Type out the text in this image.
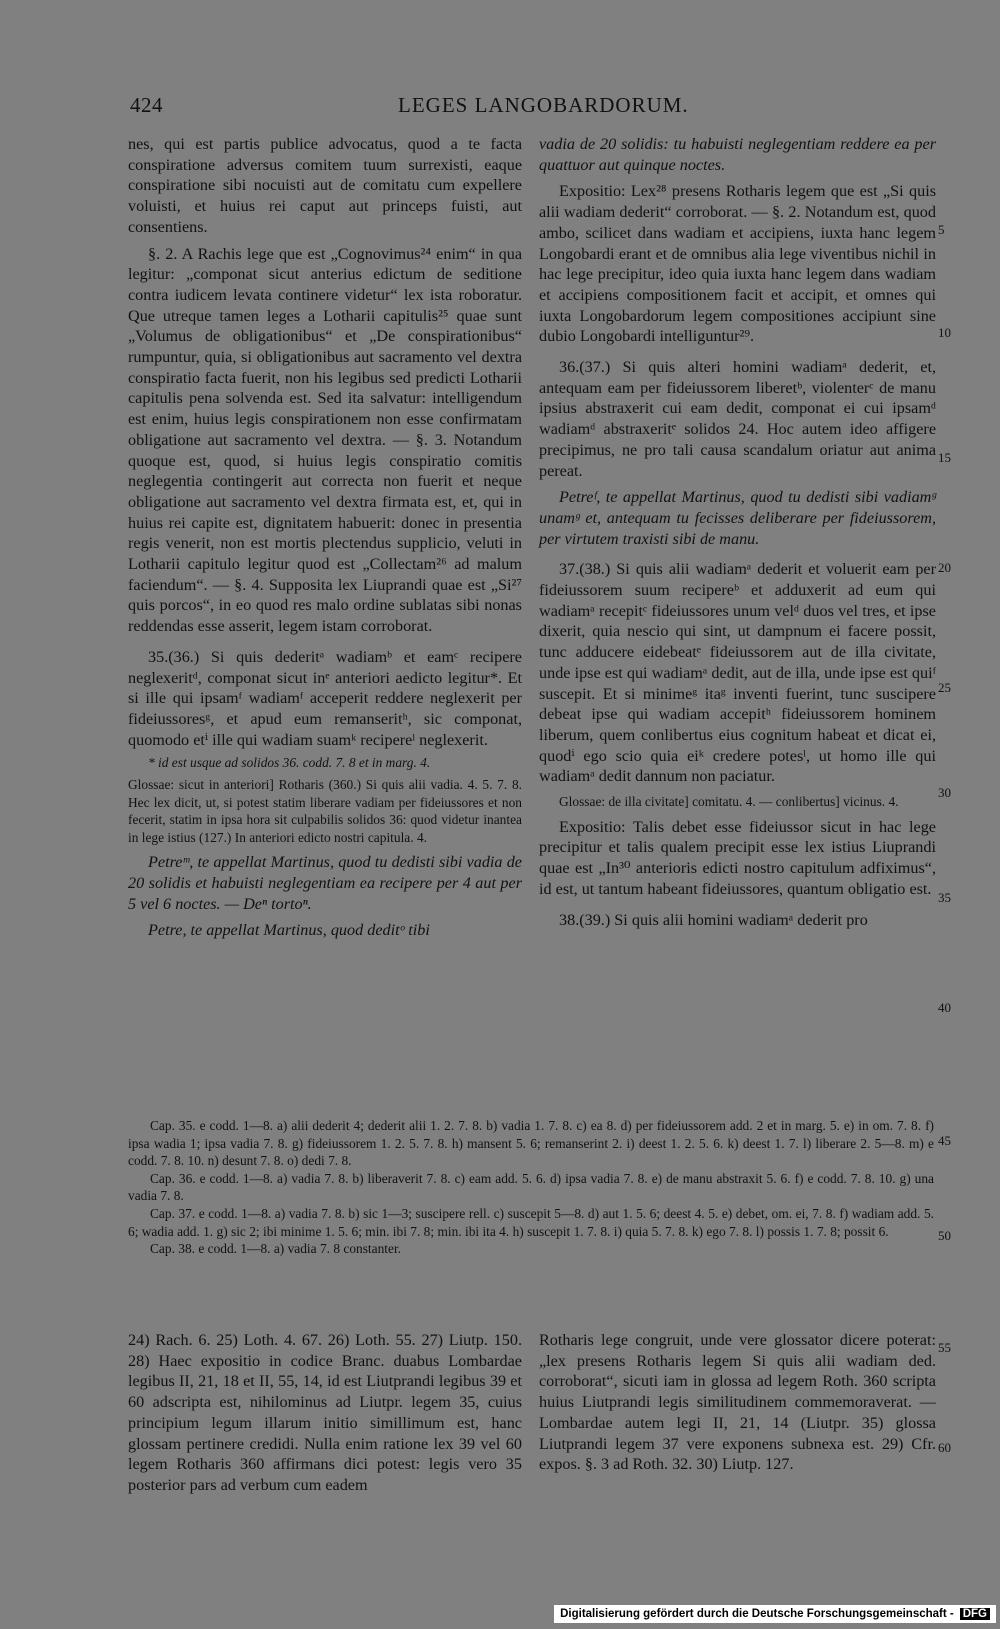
424	LEGES LANGOBARDORUM.

nes, qui est partis publice advocatus, quod a te facta conspiratione adversus comitem tuum surrexisti, eaque conspiratione sibi nocuisti aut de comitatu cum expellere voluisti, et huius rei caput aut princeps fuisti, aut consentiens.

§. 2. A Rachis lege que est „Cognovimus²⁴ enim“ in qua legitur: „componat sicut anterius edictum de seditione contra iudicem levata continere videtur“ lex ista roboratur. Que utreque tamen leges a Lotharii capitulis²⁵ quae sunt „Volumus de obligationibus“ et „De conspirationibus“ rumpuntur, quia, si obligationibus aut sacramento vel dextra conspiratio facta fuerit, non his legibus sed predicti Lotharii capitulis pena solvenda est. Sed ita salvatur: intelligendum est enim, huius legis conspirationem non esse confirmatam obligatione aut sacramento vel dextra. — §. 3. Notandum quoque est, quod, si huius legis conspiratio comitis neglegentia contingerit aut correcta non fuerit et neque obligatione aut sacramento vel dextra firmata est, et, qui in huius rei capite est, dignitatem habuerit: donec in presentia regis venerit, non est mortis plectendus supplicio, veluti in Lotharii capitulo legitur quod est „Collectam²⁶ ad malum faciendum“. — §. 4. Supposita lex Liuprandi quae est „Si²⁷ quis porcos“, in eo quod res malo ordine sublatas sibi nonas reddendas esse asserit, legem istam corroborat.

35.(36.) Si quis dederitᵃ wadiamᵇ et eamᶜ recipere neglexeritᵈ, componat sicut inᵉ anteriori aedicto legitur*. Et si ille qui ipsamᶠ wadiamᶠ acceperit reddere neglexerit per fideiussoresᵍ, et apud eum remanseritʰ, sic componat, quomodo etⁱ ille qui wadiam suamᵏ recipereˡ neglexerit.

* id est usque ad solidos 36. codd. 7. 8 et in marg. 4.

Glossae: sicut in anteriori] Rotharis (360.) Si quis alii vadia. 4. 5. 7. 8. Hec lex dicit, ut, si potest statim liberare vadiam per fideiussores et non fecerit, statim in ipsa hora sit culpabilis solidos 36: quod videtur inantea in lege istius (127.) In anteriori edicto nostri capitula. 4.

Petreᵐ, te appellat Martinus, quod tu dedisti sibi vadia de 20 solidis et habuisti neglegentiam ea recipere per 4 aut per 5 vel 6 noctes. — Deⁿ tortoⁿ.

Petre, te appellat Martinus, quod deditᵒ tibi

vadia de 20 solidis: tu habuisti neglegentiam reddere ea per quattuor aut quinque noctes.

Expositio: Lex²⁸ presens Rotharis legem que est „Si quis alii wadiam dederit“ corroborat. — §. 2. Notandum est, quod ambo, scilicet dans wadiam et accipiens, iuxta hanc legem Longobardi erant et de omnibus alia lege viventibus nichil in hac lege precipitur, ideo quia iuxta hanc legem dans wadiam et accipiens compositionem facit et accipit, et omnes qui iuxta Longobardorum legem compositiones accipiunt sine dubio Longobardi intelliguntur²⁹.

36.(37.) Si quis alteri homini wadiamᵃ dederit, et, antequam eam per fideiussorem liberetᵇ, violenterᶜ de manu ipsius abstraxerit cui eam dedit, componat ei cui ipsamᵈ wadiamᵈ abstraxeritᵉ solidos 24. Hoc autem ideo affigere precipimus, ne pro tali causa scandalum oriatur aut anima pereat.

Petreᶠ, te appellat Martinus, quod tu dedisti sibi vadiamᵍ unamᵍ et, antequam tu fecisses deliberare per fideiussorem, per virtutem traxisti sibi de manu.

37.(38.) Si quis alii wadiamᵃ dederit et voluerit eam per fideiussorem suum recipereᵇ et adduxerit ad eum qui wadiamᵃ recepitᶜ fideiussores unum velᵈ duos vel tres, et ipse dixerit, quia nescio qui sint, ut dampnum ei facere possit, tunc adducere eidebeatᵉ fideiussorem aut de illa civitate, unde ipse est qui wadiamᵃ dedit, aut de illa, unde ipse est quiᶠ suscepit. Et si minimeᵍ itaᵍ inventi fuerint, tunc suscipere debeat ipse qui wadiam accepitʰ fideiussorem hominem liberum, quem conlibertus eius cognitum habeat et dicat ei, quodⁱ ego scio quia eiᵏ credere potesˡ, ut homo ille qui wadiamᵃ dedit dannum non paciatur.

Glossae: de illa civitate] comitatu. 4. — conlibertus] vicinus. 4.

Expositio: Talis debet esse fideiussor sicut in hac lege precipitur et talis qualem precipit esse lex istius Liuprandi quae est „In³⁰ anterioris edicti nostro capitulum adfiximus“, id est, ut tantum habeant fideiussores, quantum obligatio est.

38.(39.) Si quis alii homini wadiamᵃ dederit pro

5
10
15
20
25
30
35
40
45
50
55
60

Cap. 35. e codd. 1—8. a) alii dederit 4; dederit alii 1. 2. 7. 8. b) vadia 1. 7. 8. c) ea 8. d) per fideiussorem add. 2 et in marg. 5. e) in om. 7. 8. f) ipsa wadia 1; ipsa vadia 7. 8. g) fideiussorem 1. 2. 5. 7. 8. h) mansent 5. 6; remanserint 2. i) deest 1. 2. 5. 6. k) deest 1. 7. l) liberare 2. 5—8. m) e codd. 7. 8. 10. n) desunt 7. 8. o) dedi 7. 8.

Cap. 36. e codd. 1—8. a) vadia 7. 8. b) liberaverit 7. 8. c) eam add. 5. 6. d) ipsa vadia 7. 8. e) de manu abstraxit 5. 6. f) e codd. 7. 8. 10. g) una vadia 7. 8.

Cap. 37. e codd. 1—8. a) vadia 7. 8. b) sic 1—3; suscipere rell. c) suscepit 5—8. d) aut 1. 5. 6; deest 4. 5. e) debet, om. ei, 7. 8. f) wadiam add. 5. 6; wadia add. 1. g) sic 2; ibi minime 1. 5. 6; min. ibi 7. 8; min. ibi ita 4. h) suscepit 1. 7. 8. i) quia 5. 7. 8. k) ego 7. 8. l) possis 1. 7. 8; possit 6.

Cap. 38. e codd. 1—8. a) vadia 7. 8 constanter.

24) Rach. 6. 25) Loth. 4. 67. 26) Loth. 55. 27) Liutp. 150. 28) Haec expositio in codice Branc. duabus Lombardae legibus II, 21, 18 et II, 55, 14, id est Liutprandi legibus 39 et 60 adscripta est, nihilominus ad Liutpr. legem 35, cuius principium legum illarum initio simillimum est, hanc glossam pertinere credidi. Nulla enim ratione lex 39 vel 60 legem Rotharis 360 affirmans dici potest: legis vero 35 posterior pars ad verbum cum eadem

Rotharis lege congruit, unde vere glossator dicere poterat: „lex presens Rotharis legem Si quis alii wadiam ded. corroborat“, sicuti iam in glossa ad legem Roth. 360 scripta huius Liutprandi legis similitudinem commemoraverat. — Lombardae autem legi II, 21, 14 (Liutpr. 35) glossa Liutprandi legem 37 vere exponens subnexa est. 29) Cfr. expos. §. 3 ad Roth. 32. 30) Liutp. 127.

Digitalisierung gefördert durch die Deutsche Forschungsgemeinschaft - DFG
